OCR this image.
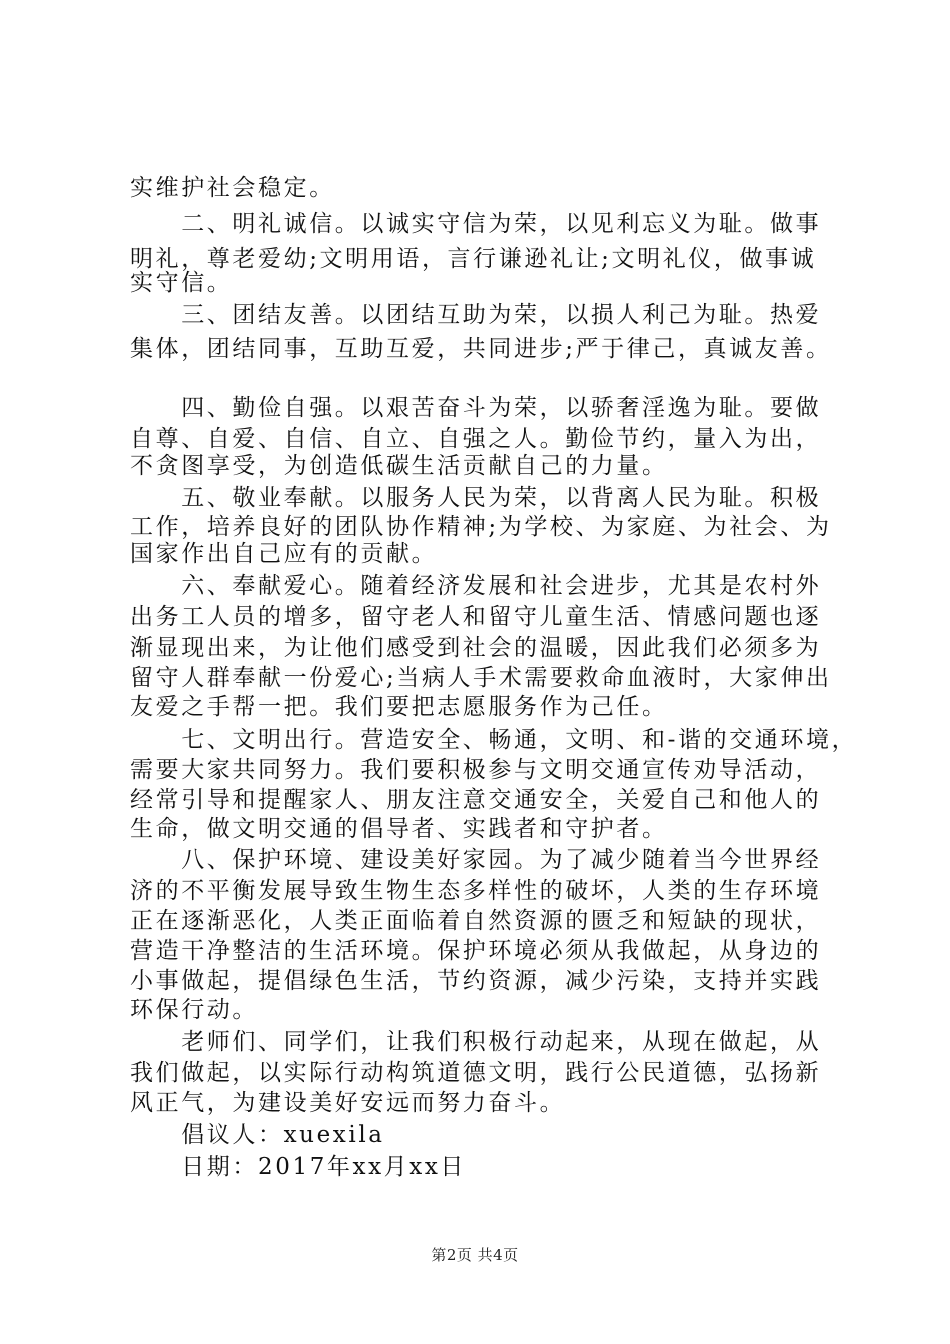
实维护社会稳定。
　　二、明礼诚信。以诚实守信为荣，以见利忘义为耻。做事
明礼，尊老爱幼;文明用语，言行谦逊礼让;文明礼仪，做事诚
实守信。
　　三、团结友善。以团结互助为荣，以损人利己为耻。热爱
集体，团结同事，互助互爱，共同进步;严于律己，真诚友善。
　　四、勤俭自强。以艰苦奋斗为荣，以骄奢淫逸为耻。要做
自尊、自爱、自信、自立、自强之人。勤俭节约，量入为出，
不贪图享受，为创造低碳生活贡献自己的力量。
　　五、敬业奉献。以服务人民为荣，以背离人民为耻。积极
工作，培养良好的团队协作精神;为学校、为家庭、为社会、为
国家作出自己应有的贡献。
　　六、奉献爱心。随着经济发展和社会进步，尤其是农村外
出务工人员的增多，留守老人和留守儿童生活、情感问题也逐
渐显现出来，为让他们感受到社会的温暖，因此我们必须多为
留守人群奉献一份爱心;当病人手术需要救命血液时，大家伸出
友爱之手帮一把。我们要把志愿服务作为己任。
　　七、文明出行。营造安全、畅通，文明、和-谐的交通环境，
需要大家共同努力。我们要积极参与文明交通宣传劝导活动，
经常引导和提醒家人、朋友注意交通安全，关爱自己和他人的
生命，做文明交通的倡导者、实践者和守护者。
　　八、保护环境、建设美好家园。为了减少随着当今世界经
济的不平衡发展导致生物生态多样性的破坏，人类的生存环境
正在逐渐恶化，人类正面临着自然资源的匮乏和短缺的现状，
营造干净整洁的生活环境。保护环境必须从我做起，从身边的
小事做起，提倡绿色生活，节约资源，减少污染，支持并实践
环保行动。
　　老师们、同学们，让我们积极行动起来，从现在做起，从
我们做起，以实际行动构筑道德文明，践行公民道德，弘扬新
风正气，为建设美好安远而努力奋斗。
　　倡议人：xuexila
　　日期：2017年xx月xx日
第2页 共4页
